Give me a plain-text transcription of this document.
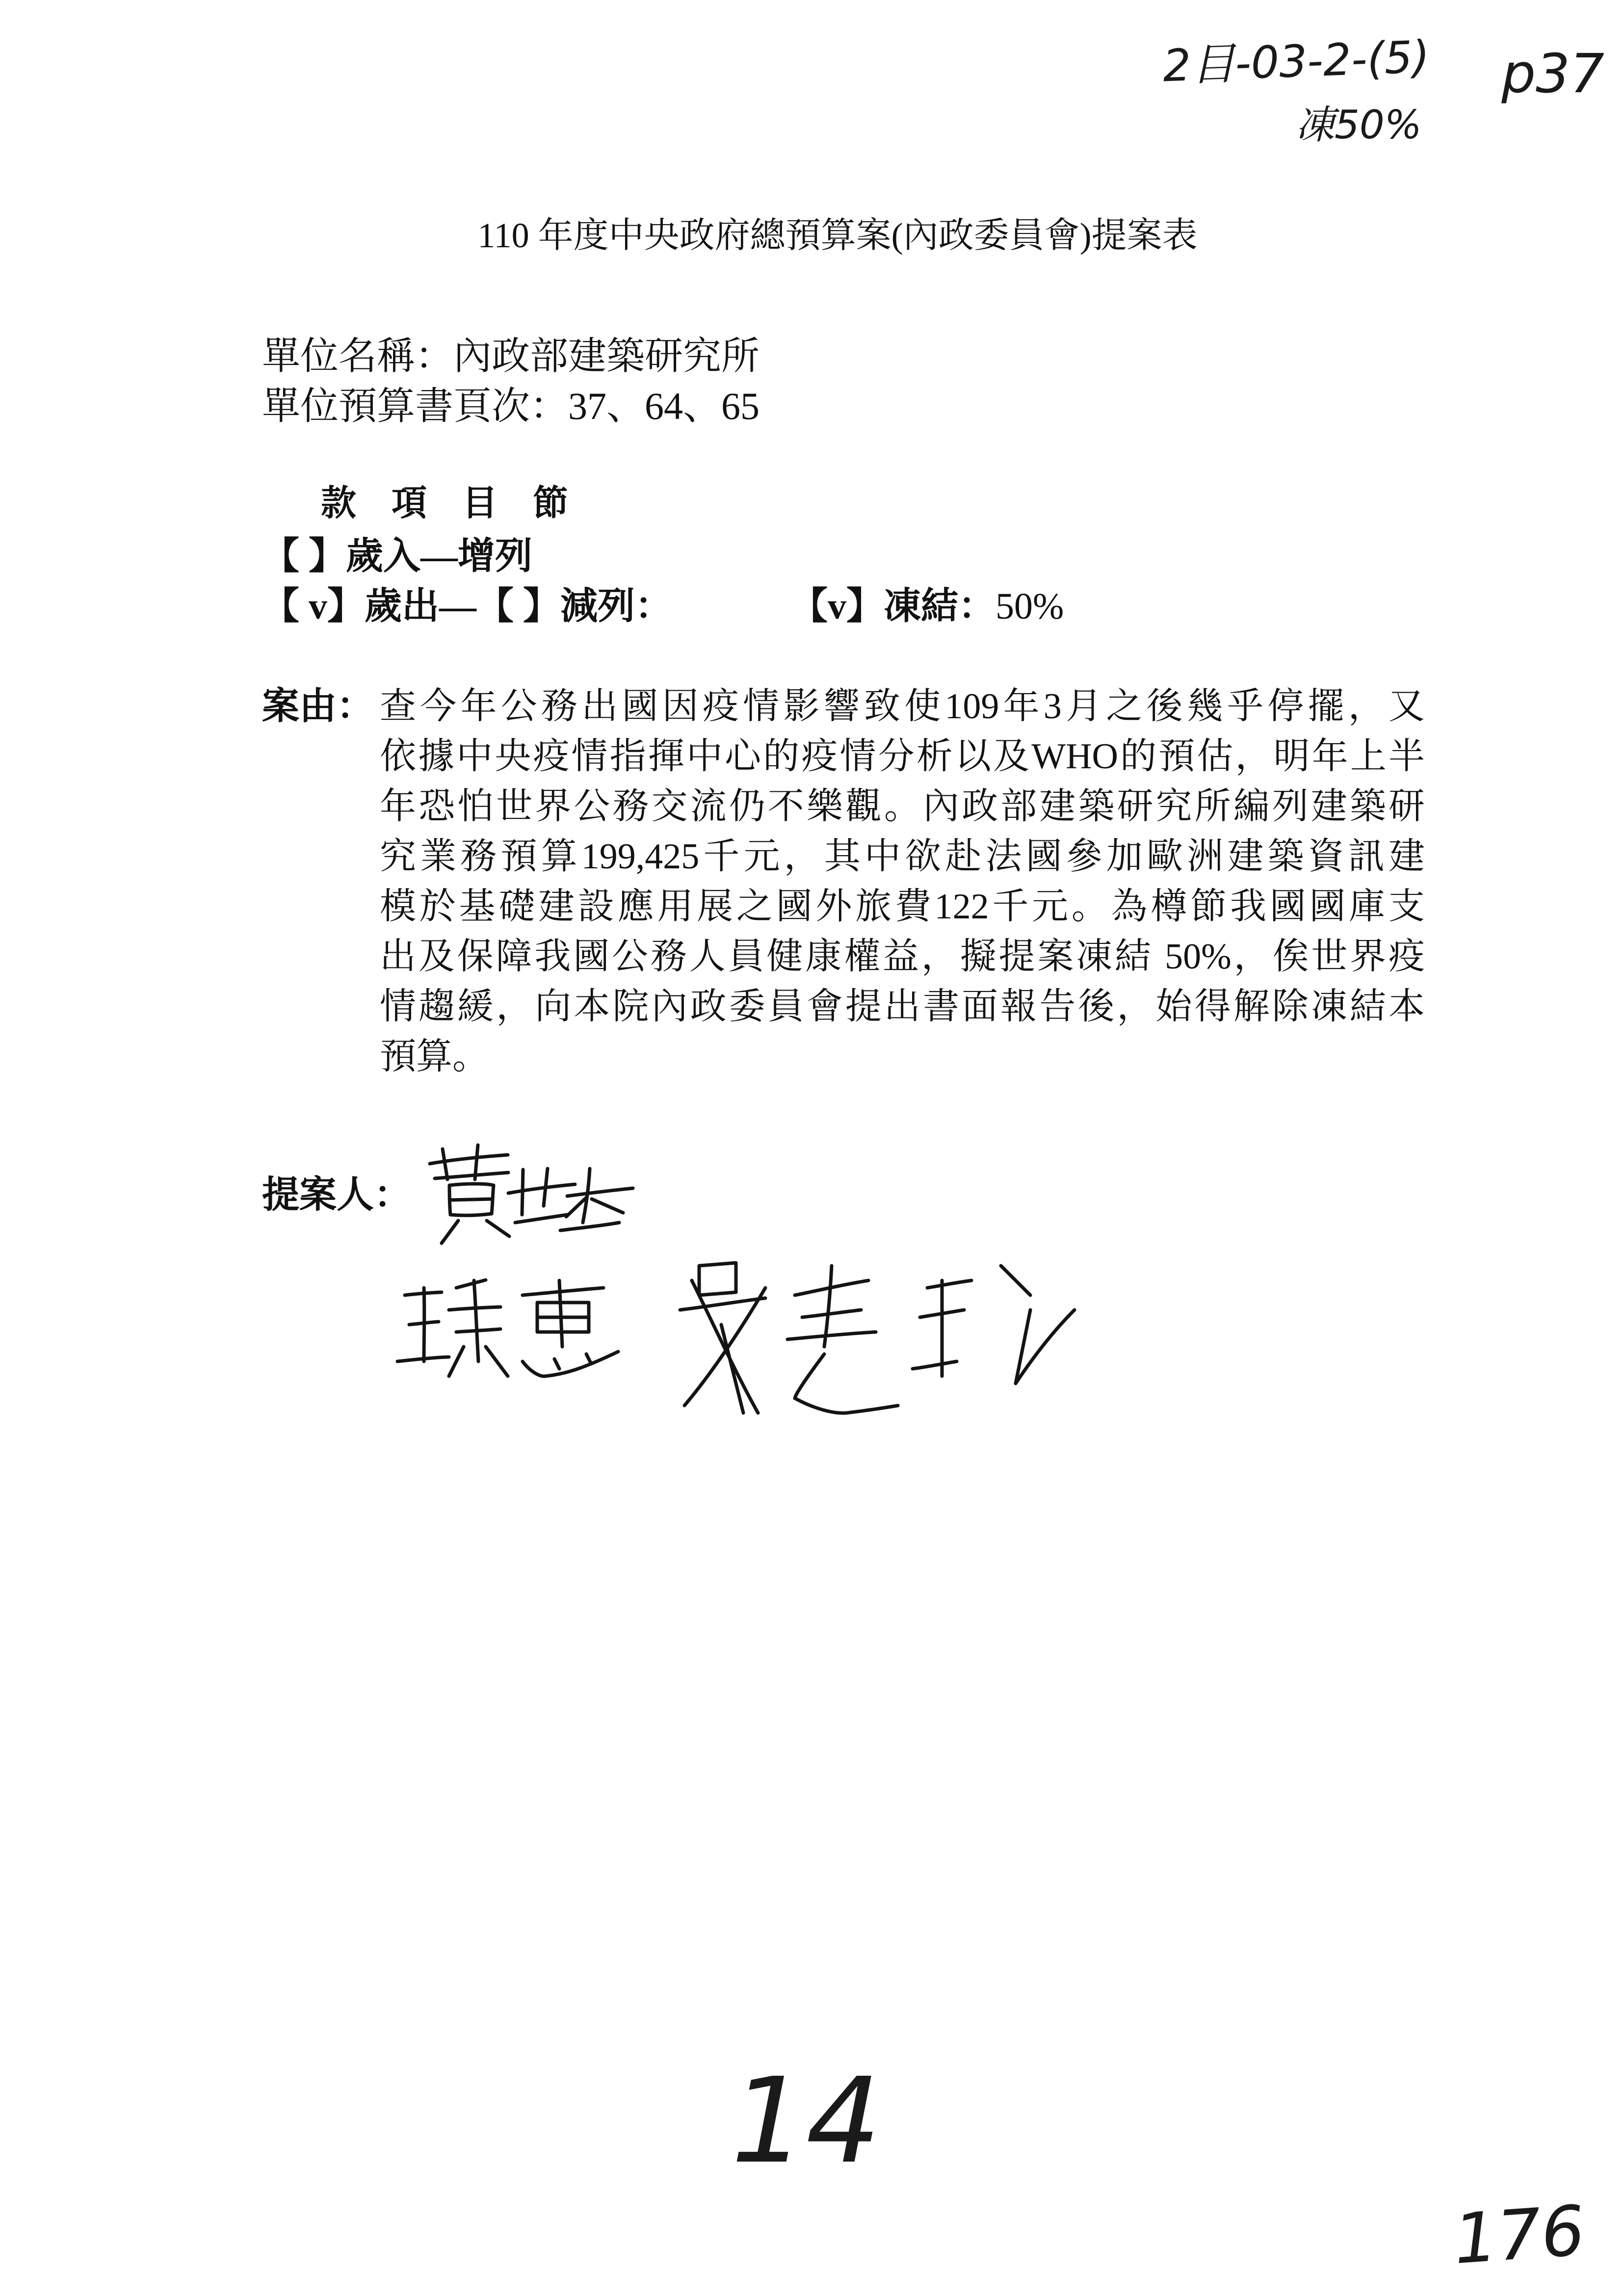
2目-03-2-(5) p37
凍50%
110 年度中央政府總預算案(內政委員會)提案表
單位名稱：內政部建築研究所
單位預算書頁次：37、64、65
款　項　目　節
【 】歲入—增列
【 v】歲出—【 】減列：	【v】凍結：50%
案由： 查今年公務出國因疫情影響致使109年3月之後幾乎停擺，又
依據中央疫情指揮中心的疫情分析以及WHO的預估，明年上半
年恐怕世界公務交流仍不樂觀。內政部建築研究所編列建築研
究業務預算199,425千元，其中欲赴法國參加歐洲建築資訊建
模於基礎建設應用展之國外旅費122千元。為樽節我國國庫支
出及保障我國公務人員健康權益，擬提案凍結 50%，俟世界疫
情趨緩，向本院內政委員會提出書面報告後，始得解除凍結本
預算。
提案人：
14
176
